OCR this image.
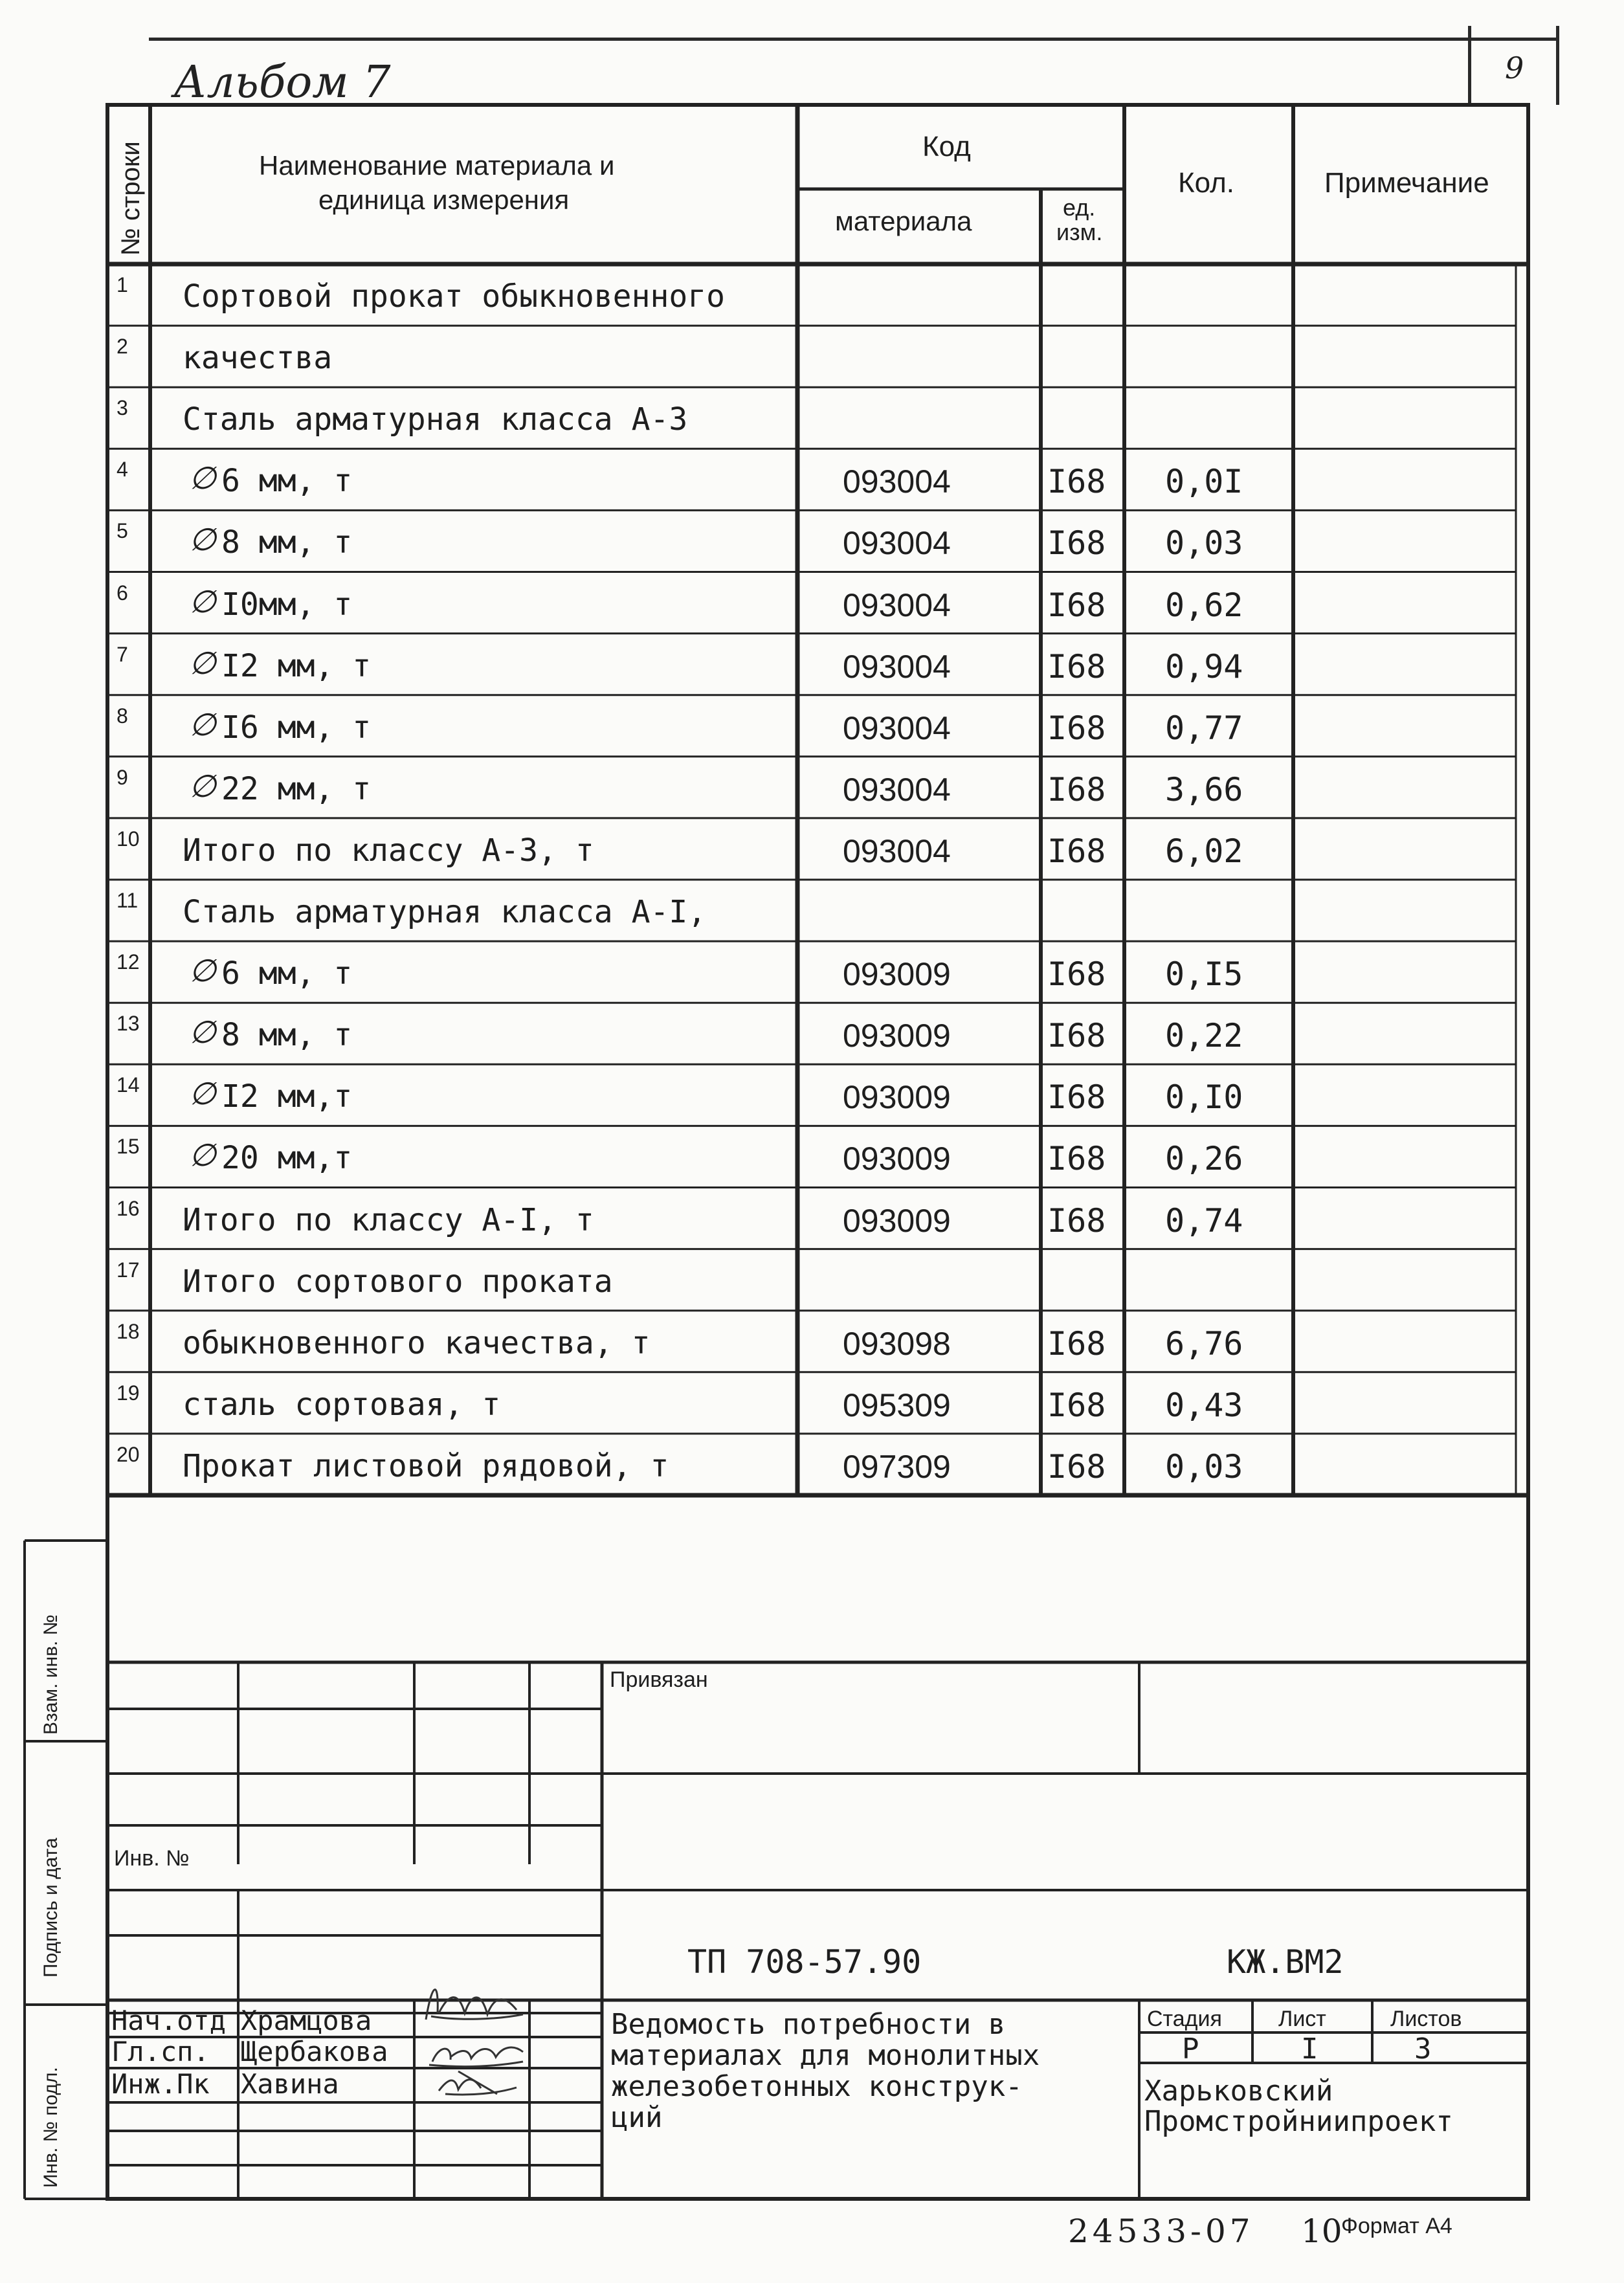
Альбом 7	9
№ строки	Наименование материала и
единица измерения
Код
материала	ед.
изм.
Кол.	Примечание
1 Сортовой прокат обыкновенного
2 качества
3 Сталь арматурная класса А-3
4 ∅ 6 мм, т	093004	I68 0,0I
5 ∅ 8 мм, т	093004	I68 0,03
6 ∅ I0мм, т	093004	I68 0,62
7 ∅ I2 мм, т	093004	I68 0,94
8 ∅ I6 мм, т	093004	I68 0,77
9 ∅ 22 мм, т	093004	I68 3,66
10 Итого по классу А-3, т	093004	I68 6,02
11 Сталь арматурная класса А-I,
12 ∅ 6 мм, т	093009	I68 0,I5
13 ∅ 8 мм, т	093009	I68 0,22
14 ∅ I2 мм,т	093009	I68 0,I0
15 ∅ 20 мм,т	093009	I68 0,26
16 Итого по классу А-I, т	093009	I68 0,74
17 Итого сортового проката
18 обыкновенного качества, т	093098	I68 6,76
19 сталь сортовая, т	095309	I68 0,43
20 Прокат листовой рядовой, т	097309	I68 0,03
Взам. инв. №
Подпись и дата
Инв. № подл.
Привязан
Инв. №
ТП 708-57.90	КЖ.ВМ2
Нач.отд Храмцова
Гл.сп. Щербакова
Инж.Пк Хавина
Ведомость потребности в
материалах для монолитных
железобетонных конструк-
ций
Стадия	Лист	Листов
Р	I	3
Харьковский
Промстройниипроект
24533-07 10
Формат А4
